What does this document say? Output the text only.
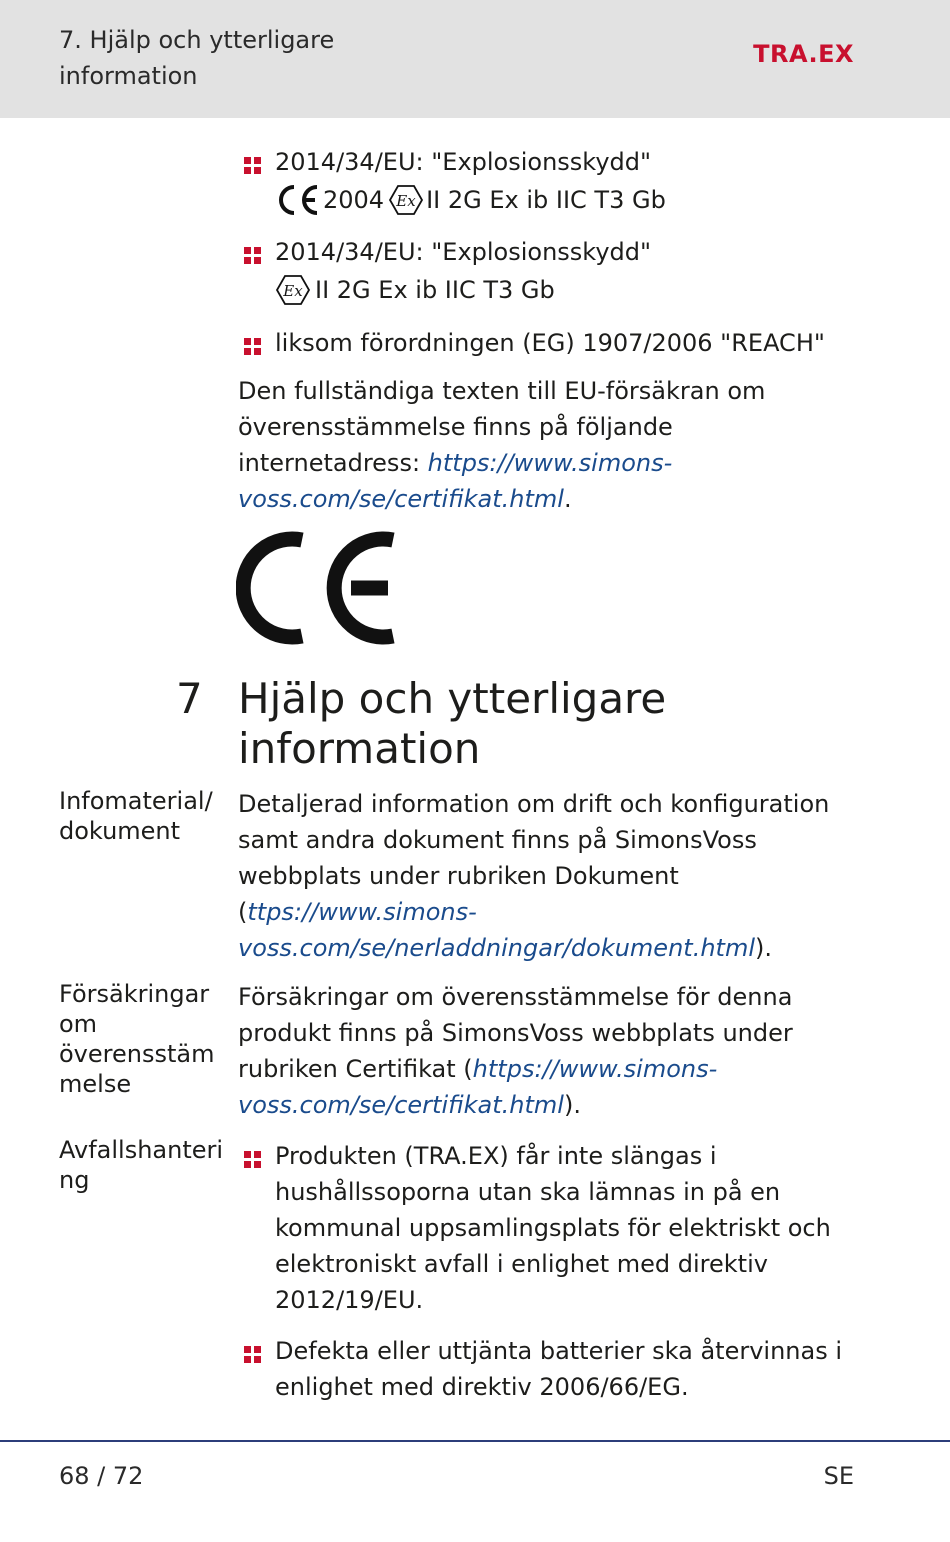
7. Hjälp och ytterligare information
TRA.EX
2014/34/EU: "Explosionsskydd"
2004 Ex II 2G Ex ib IIC T3 Gb
2014/34/EU: "Explosionsskydd"
Ex II 2G Ex ib IIC T3 Gb
liksom förordningen (EG) 1907/2006 "REACH"
Den fullständiga texten till EU-försäkran om överensstämmelse finns på följande internetadress: https://www.simons-voss.com/se/certifikat.html.
7 Hjälp och ytterligare information
Infomaterial/ dokument
Detaljerad information om drift och konfiguration samt andra dokument finns på SimonsVoss webbplats under rubriken Dokument (ttps://www.simons-voss.com/se/nerladdningar/dokument.html).
Försäkringar om överensstäm melse
Försäkringar om överensstämmelse för denna produkt finns på SimonsVoss webbplats under rubriken Certifikat (https://www.simons-voss.com/se/certifikat.html).
Avfallshanteri ng
Produkten (TRA.EX) får inte slängas i hushållssoporna utan ska lämnas in på en kommunal uppsamlingsplats för elektriskt och elektroniskt avfall i enlighet med direktiv 2012/19/EU.
Defekta eller uttjänta batterier ska återvinnas i enlighet med direktiv 2006/66/EG.
68 / 72	SE
